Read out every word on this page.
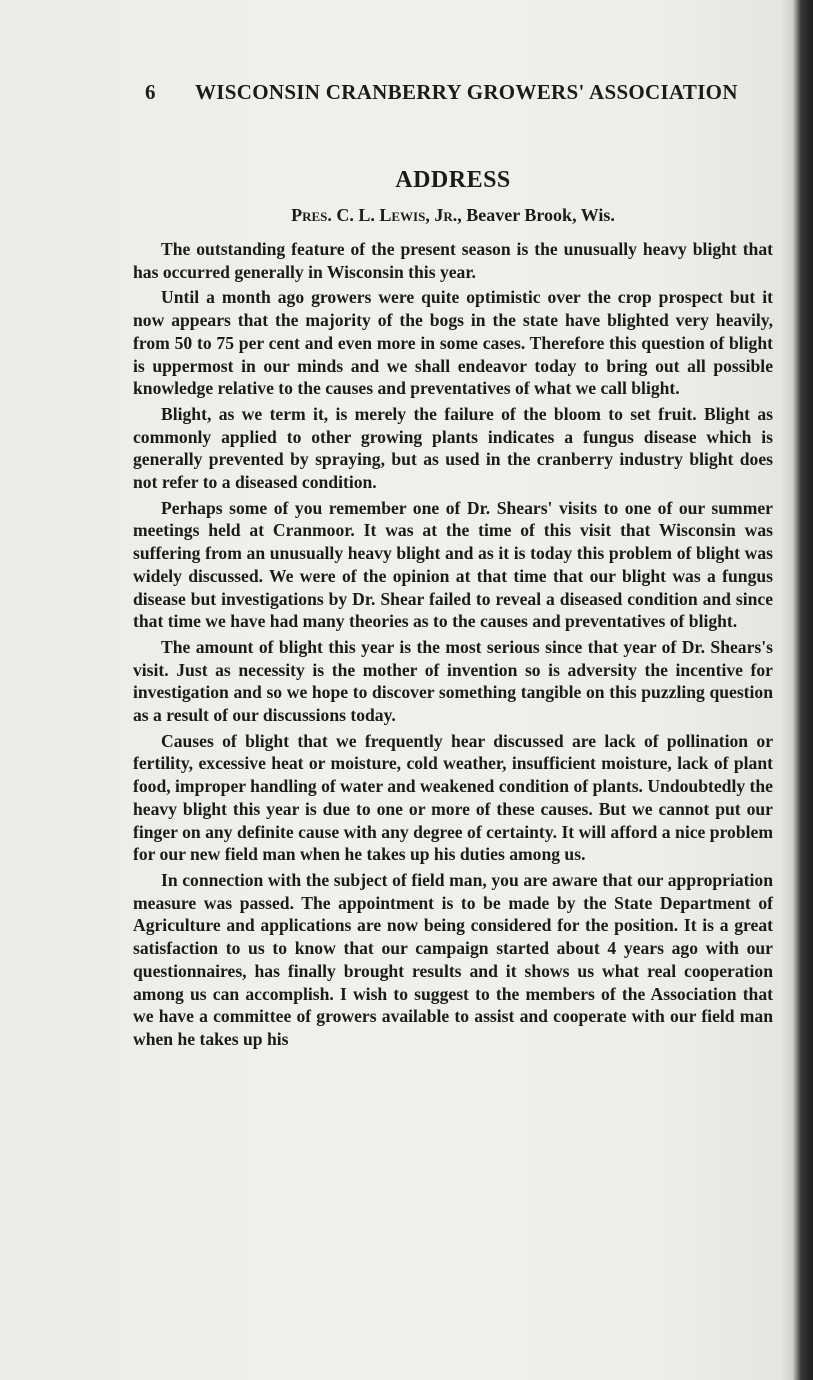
6	WISCONSIN CRANBERRY GROWERS' ASSOCIATION
ADDRESS
Pres. C. L. Lewis, Jr., Beaver Brook, Wis.

The outstanding feature of the present season is the unusually heavy blight that has occurred generally in Wisconsin this year.

Until a month ago growers were quite optimistic over the crop prospect but it now appears that the majority of the bogs in the state have blighted very heavily, from 50 to 75 per cent and even more in some cases. Therefore this question of blight is uppermost in our minds and we shall endeavor today to bring out all possible knowledge relative to the causes and preventatives of what we call blight.

Blight, as we term it, is merely the failure of the bloom to set fruit. Blight as commonly applied to other growing plants indicates a fungus disease which is generally prevented by spraying, but as used in the cranberry industry blight does not refer to a diseased condition.

Perhaps some of you remember one of Dr. Shears' visits to one of our summer meetings held at Cranmoor. It was at the time of this visit that Wisconsin was suffering from an unusually heavy blight and as it is today this problem of blight was widely discussed. We were of the opinion at that time that our blight was a fungus disease but investigations by Dr. Shear failed to reveal a diseased condition and since that time we have had many theories as to the causes and preventatives of blight.

The amount of blight this year is the most serious since that year of Dr. Shears's visit. Just as necessity is the mother of invention so is adversity the incentive for investigation and so we hope to discover something tangible on this puzzling question as a result of our discussions today.

Causes of blight that we frequently hear discussed are lack of pollination or fertility, excessive heat or moisture, cold weather, insufficient moisture, lack of plant food, improper handling of water and weakened condition of plants. Undoubtedly the heavy blight this year is due to one or more of these causes. But we cannot put our finger on any definite cause with any degree of certainty. It will afford a nice problem for our new field man when he takes up his duties among us.

In connection with the subject of field man, you are aware that our appropriation measure was passed. The appointment is to be made by the State Department of Agriculture and applications are now being considered for the position. It is a great satisfaction to us to know that our campaign started about 4 years ago with our questionnaires, has finally brought results and it shows us what real cooperation among us can accomplish. I wish to suggest to the members of the Association that we have a committee of growers available to assist and cooperate with our field man when he takes up his
